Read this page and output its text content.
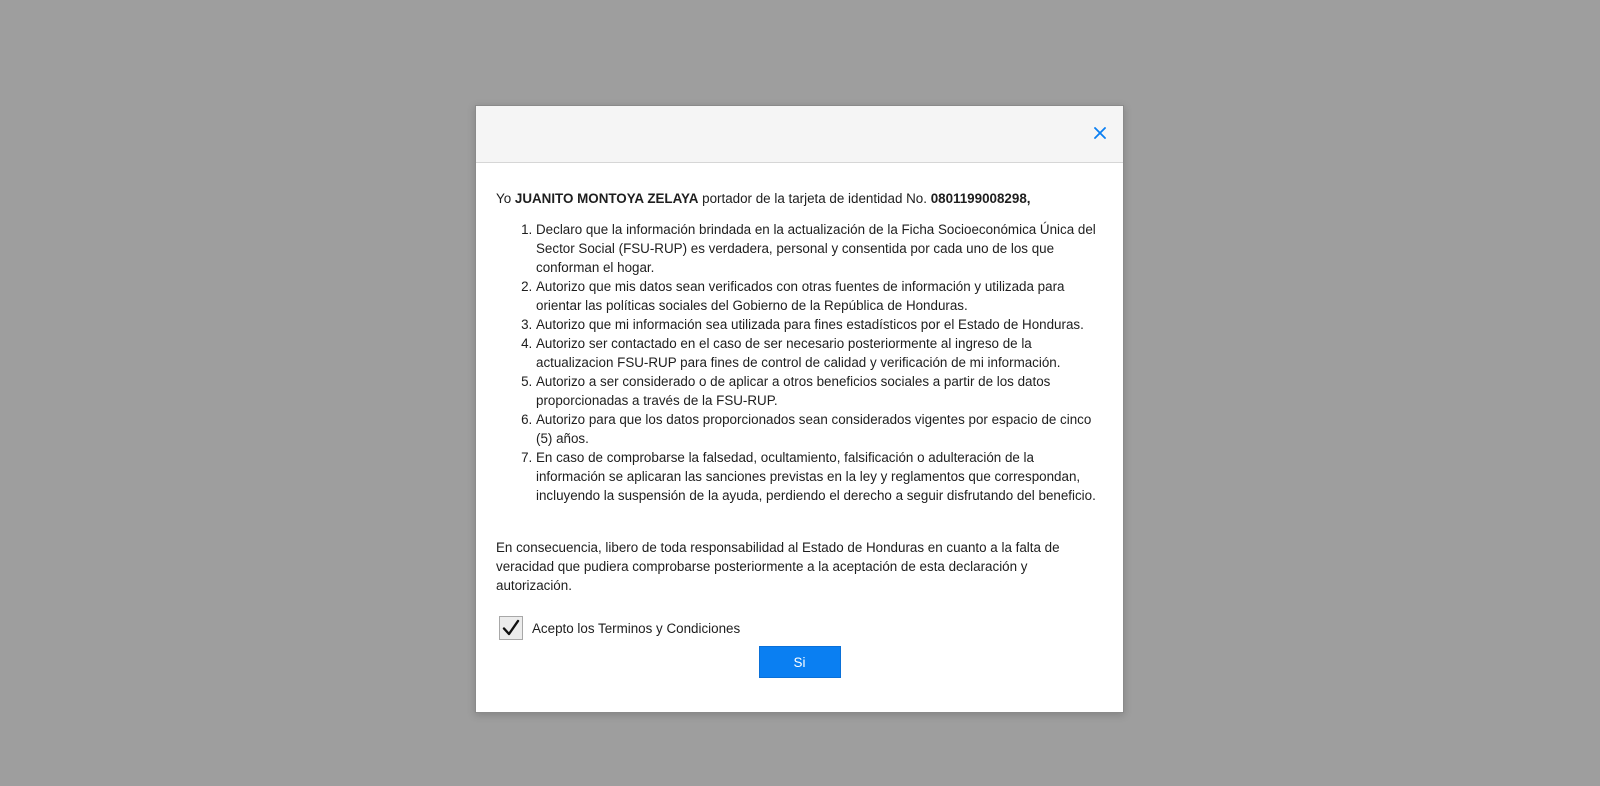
Yo JUANITO MONTOYA ZELAYA portador de la tarjeta de identidad No. 0801199008298,

1. Declaro que la información brindada en la actualización de la Ficha Socioeconómica Única del Sector Social (FSU-RUP) es verdadera, personal y consentida por cada uno de los que conforman el hogar.
2. Autorizo que mis datos sean verificados con otras fuentes de información y utilizada para orientar las políticas sociales del Gobierno de la República de Honduras.
3. Autorizo que mi información sea utilizada para fines estadísticos por el Estado de Honduras.
4. Autorizo ser contactado en el caso de ser necesario posteriormente al ingreso de la actualizacion FSU-RUP para fines de control de calidad y verificación de mi información.
5. Autorizo a ser considerado o de aplicar a otros beneficios sociales a partir de los datos proporcionadas a través de la FSU-RUP.
6. Autorizo para que los datos proporcionados sean considerados vigentes por espacio de cinco (5) años.
7. En caso de comprobarse la falsedad, ocultamiento, falsificación o adulteración de la información se aplicaran las sanciones previstas en la ley y reglamentos que correspondan, incluyendo la suspensión de la ayuda, perdiendo el derecho a seguir disfrutando del beneficio.

En consecuencia, libero de toda responsabilidad al Estado de Honduras en cuanto a la falta de veracidad que pudiera comprobarse posteriormente a la aceptación de esta declaración y autorización.

Acepto los Terminos y Condiciones
Si
